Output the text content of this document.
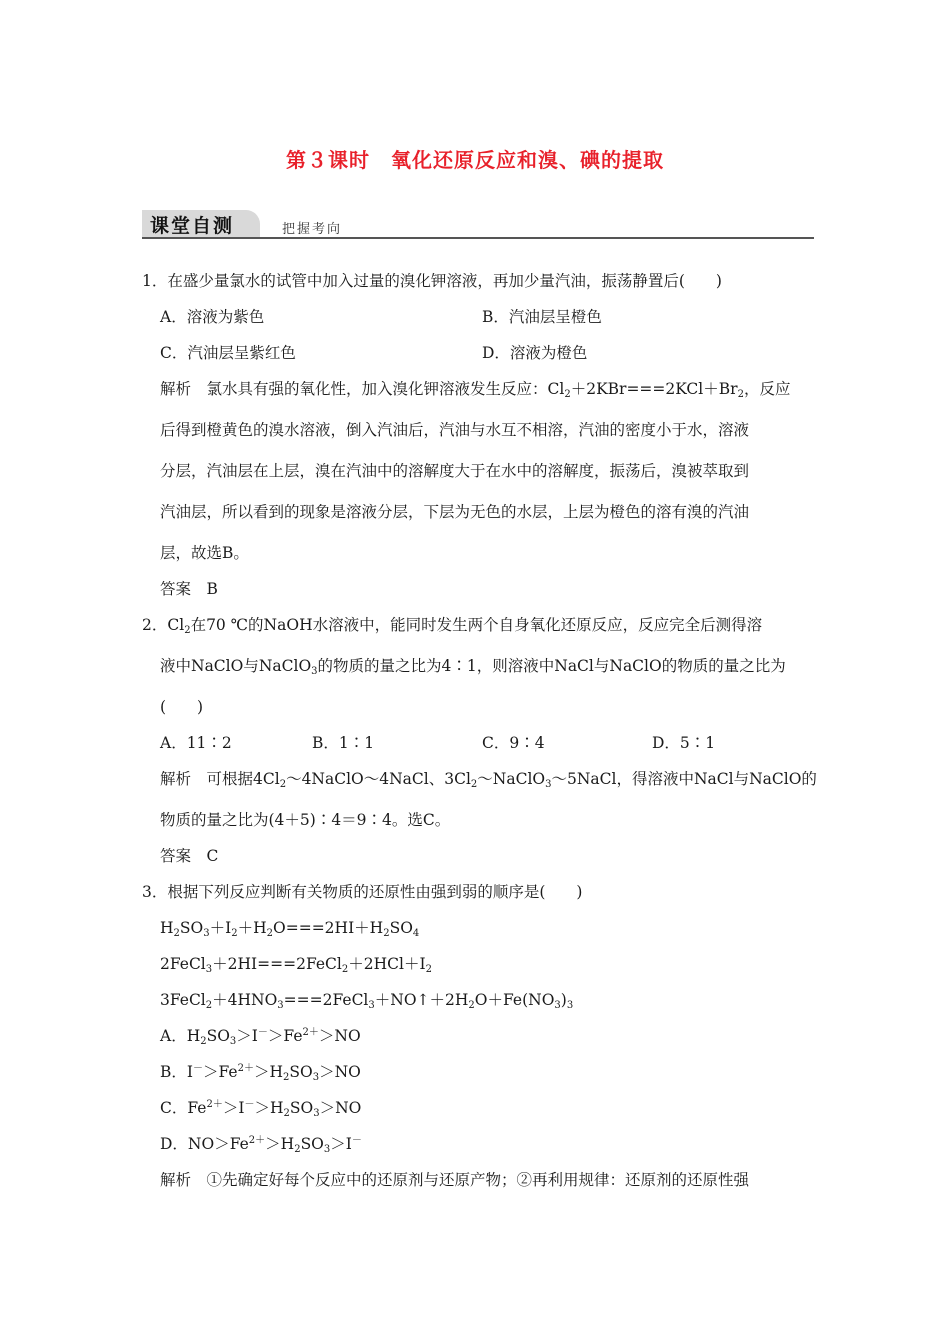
第３课时　氧化还原反应和溴、碘的提取
课堂自测	把握考向
1．在盛少量氯水的试管中加入过量的溴化钾溶液，再加少量汽油，振荡静置后(　　)
A．溶液为紫色	B．汽油层呈橙色
C．汽油层呈紫红色	D．溶液为橙色
解析　氯水具有强的氧化性，加入溴化钾溶液发生反应：$Cl_2+2KBr===2KCl+Br_2$，反应
后得到橙黄色的溴水溶液，倒入汽油后，汽油与水互不相溶，汽油的密度小于水，溶液
分层，汽油层在上层，溴在汽油中的溶解度大于在水中的溶解度，振荡后，溴被萃取到
汽油层，所以看到的现象是溶液分层，下层为无色的水层，上层为橙色的溶有溴的汽油
层，故选B。
答案　B
2．$Cl_2$在70 ℃的NaOH水溶液中，能同时发生两个自身氧化还原反应，反应完全后测得溶
液中NaClO与NaClO$_3$的物质的量之比为4∶1，则溶液中NaCl与NaClO的物质的量之比为
(　　)
A．11∶2	B．1∶1	C．9∶4	D．5∶1
解析　可根据$4Cl_2\sim 4NaClO\sim 4NaCl$、$3Cl_2\sim NaClO_3\sim 5NaCl$，得溶液中NaCl与NaClO的
物质的量之比为(4＋5)∶4＝9∶4。选C。
答案　C
3．根据下列反应判断有关物质的还原性由强到弱的顺序是(　　)
$H_2SO_3+I_2+H_2O===2HI+H_2SO_4$
$2FeCl_3+2HI===2FeCl_2+2HCl+I_2$
$3FeCl_2+4HNO_3===2FeCl_3+NO↑+2H_2O+Fe(NO_3)_3$
A．$H_2SO_3>I^->Fe^{2+}>NO$
B．$I^->Fe^{2+}>H_2SO_3>NO$
C．$Fe^{2+}>I^->H_2SO_3>NO$
D．$NO>Fe^{2+}>H_2SO_3>I^-$
解析　①先确定好每个反应中的还原剂与还原产物；②再利用规律：还原剂的还原性强
